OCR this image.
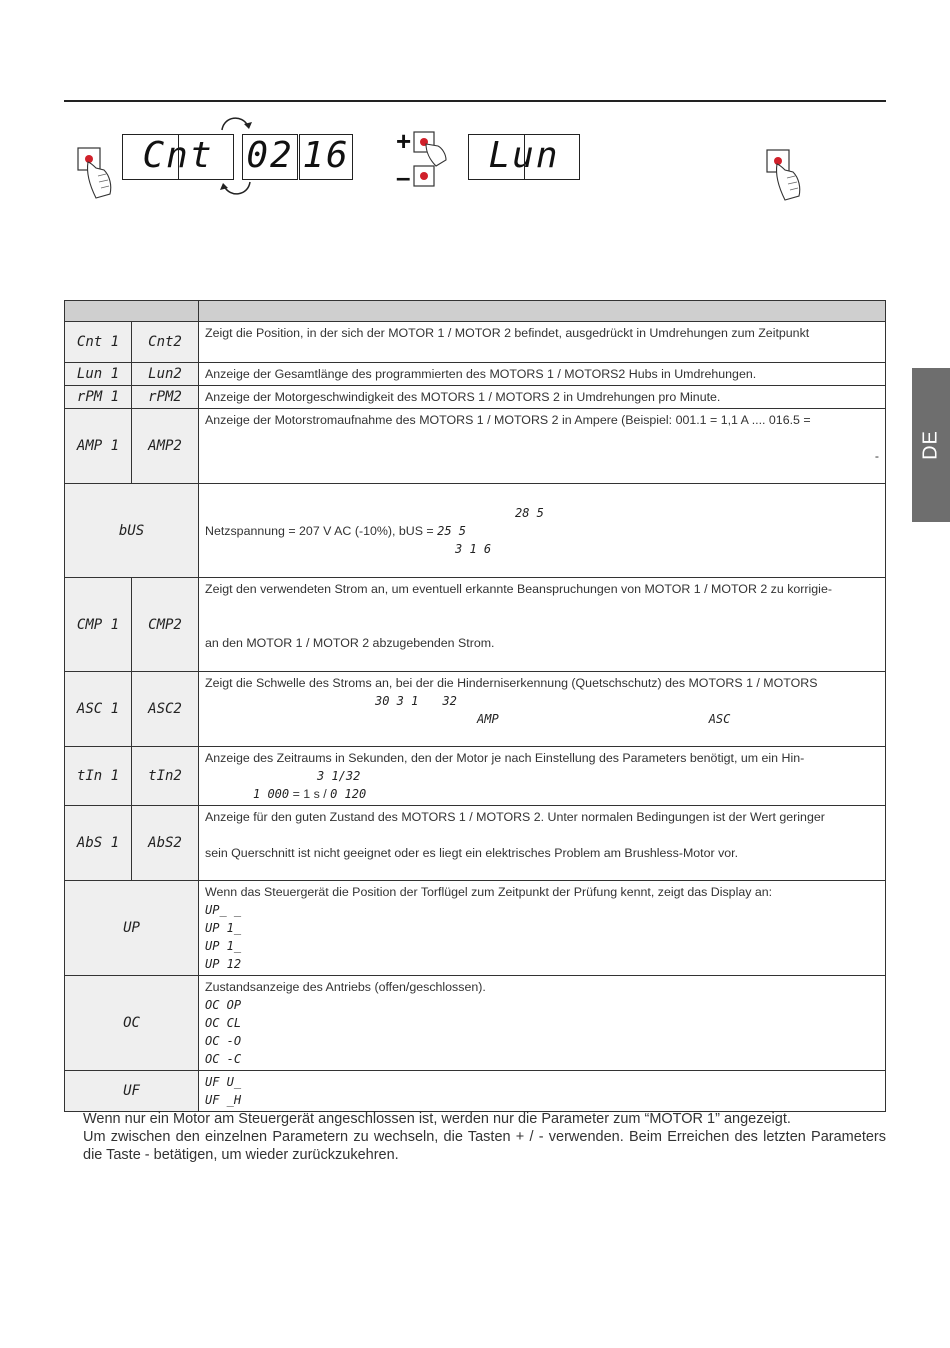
Cnt 02 16 +
–
Lun
DE

Cnt 1	Cnt2	Zeigt die Position, in der sich der MOTOR 1 / MOTOR 2 befindet, ausgedrückt in Umdrehungen zum Zeitpunkt

Lun 1	Lun2	Anzeige der Gesamtlänge des programmierten des MOTORS 1 / MOTORS2 Hubs in Umdrehungen.

rPM 1	rPM2	Anzeige der Motorgeschwindigkeit des MOTORS 1 / MOTORS 2 in Umdrehungen pro Minute.

AMP 1	AMP2	Anzeige der Motorstromaufnahme des MOTORS 1 / MOTORS 2 in Ampere (Beispiel: 001.1 = 1,1 A .... 016.5 =
-

bUS		28 5
Netzspannung = 207 V AC (-10%), bUS = 25 5
3 1 6

CMP 1	CMP2	Zeigt den verwendeten Strom an, um eventuell erkannte Beanspruchungen von MOTOR 1 / MOTOR 2 zu korrigie-
an den MOTOR 1 / MOTOR 2 abzugebenden Strom.

ASC 1	ASC2	Zeigt die Schwelle des Stroms an, bei der die Hinderniserkennung (Quetschschutz) des MOTORS 1 / MOTORS
30 3 1 32
AMP ASC

tIn 1	tIn2	Anzeige des Zeitraums in Sekunden, den der Motor je nach Einstellung des Parameters benötigt, um ein Hin-
3 1/32
1 000 = 1 s / 0 120

AbS 1	AbS2	Anzeige für den guten Zustand des MOTORS 1 / MOTORS 2. Unter normalen Bedingungen ist der Wert geringer
sein Querschnitt ist nicht geeignet oder es liegt ein elektrisches Problem am Brushless-Motor vor.

UP		Wenn das Steuergerät die Position der Torflügel zum Zeitpunkt der Prüfung kennt, zeigt das Display an:
UP_ _
UP 1_
UP 1_
UP 12

OC		Zustandsanzeige des Antriebs (offen/geschlossen).
OC OP
OC CL
OC -O
OC -C

UF		UF U_
UF _H
Wenn nur ein Motor am Steuergerät angeschlossen ist, werden nur die Parameter zum “MOTOR 1” angezeigt.
Um zwischen den einzelnen Parametern zu wechseln, die Tasten + / - verwenden. Beim Erreichen des letzten Parameters die Taste - betätigen, um wieder zurückzukehren.
